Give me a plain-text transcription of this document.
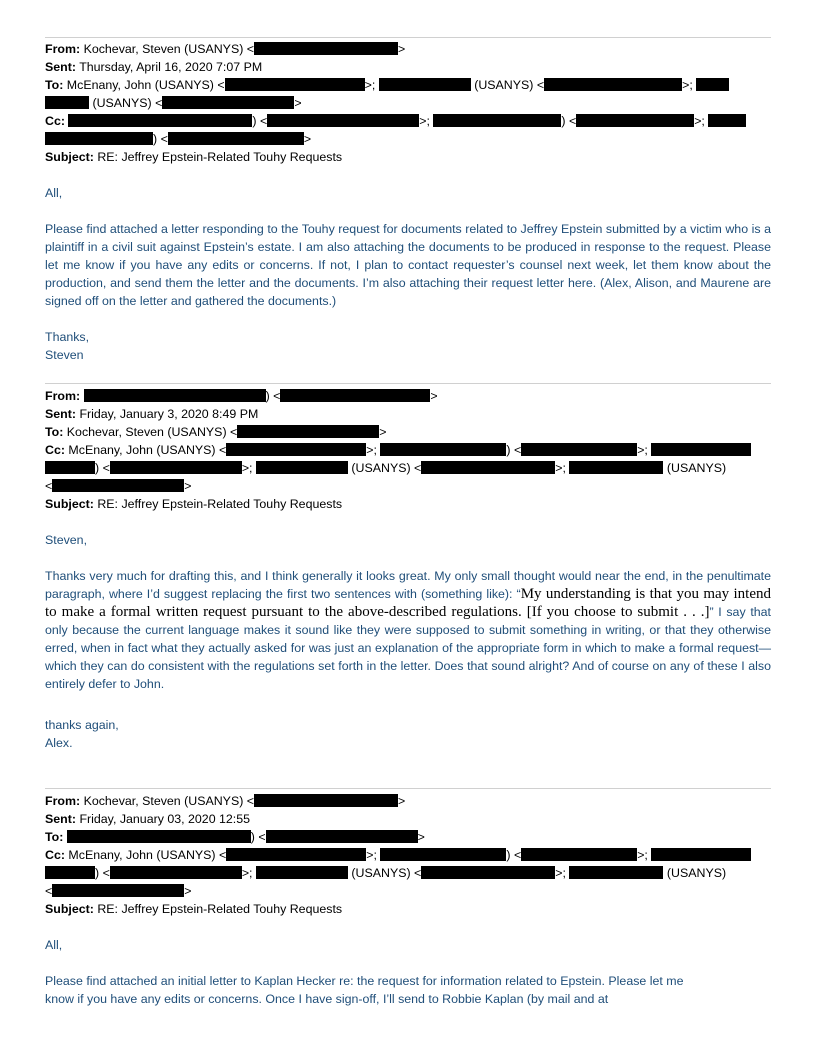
From: Kochevar, Steven (USANYS) <	>
Sent: Thursday, April 16, 2020 7:07 PM
To: McEnany, John (USANYS) <	>;	(USANYS) <	>;
(USANYS) <	>
Cc:	) <	>;	) <	>;
) <	>
Subject: RE: Jeffrey Epstein-Related Touhy Requests
All,
Please find attached a letter responding to the Touhy request for documents related to Jeffrey Epstein submitted by a victim who is a plaintiff in a civil suit against Epstein’s estate. I am also attaching the documents to be produced in response to the request. Please let me know if you have any edits or concerns. If not, I plan to contact requester’s counsel next week, let them know about the production, and send them the letter and the documents. I’m also attaching their request letter here. (Alex, Alison, and Maurene are signed off on the letter and gathered the documents.)
Thanks,
Steven
From:	) <	>
Sent: Friday, January 3, 2020 8:49 PM
To: Kochevar, Steven (USANYS) <	>
Cc: McEnany, John (USANYS) <	>;	) <	>;
) <	>;	(USANYS) <	>;	(USANYS)
<	>
Subject: RE: Jeffrey Epstein-Related Touhy Requests
Steven,
Thanks very much for drafting this, and I think generally it looks great. My only small thought would near the end, in the penultimate paragraph, where I’d suggest replacing the first two sentences with (something like): “My understanding is that you may intend to make a formal written request pursuant to the above-described regulations. [If you choose to submit . . .]” I say that only because the current language makes it sound like they were supposed to submit something in writing, or that they otherwise erred, when in fact what they actually asked for was just an explanation of the appropriate form in which to make a formal request—which they can do consistent with the regulations set forth in the letter. Does that sound alright? And of course on any of these I also entirely defer to John.
thanks again,
Alex.
From: Kochevar, Steven (USANYS) <	>
Sent: Friday, January 03, 2020 12:55
To:	) <	>
Cc: McEnany, John (USANYS) <	>;	) <	>;
) <	>;	(USANYS) <	>;	(USANYS)
<	>
Subject: RE: Jeffrey Epstein-Related Touhy Requests
All,
Please find attached an initial letter to Kaplan Hecker re: the request for information related to Epstein. Please let me
know if you have any edits or concerns. Once I have sign-off, I’ll send to Robbie Kaplan (by mail and at
